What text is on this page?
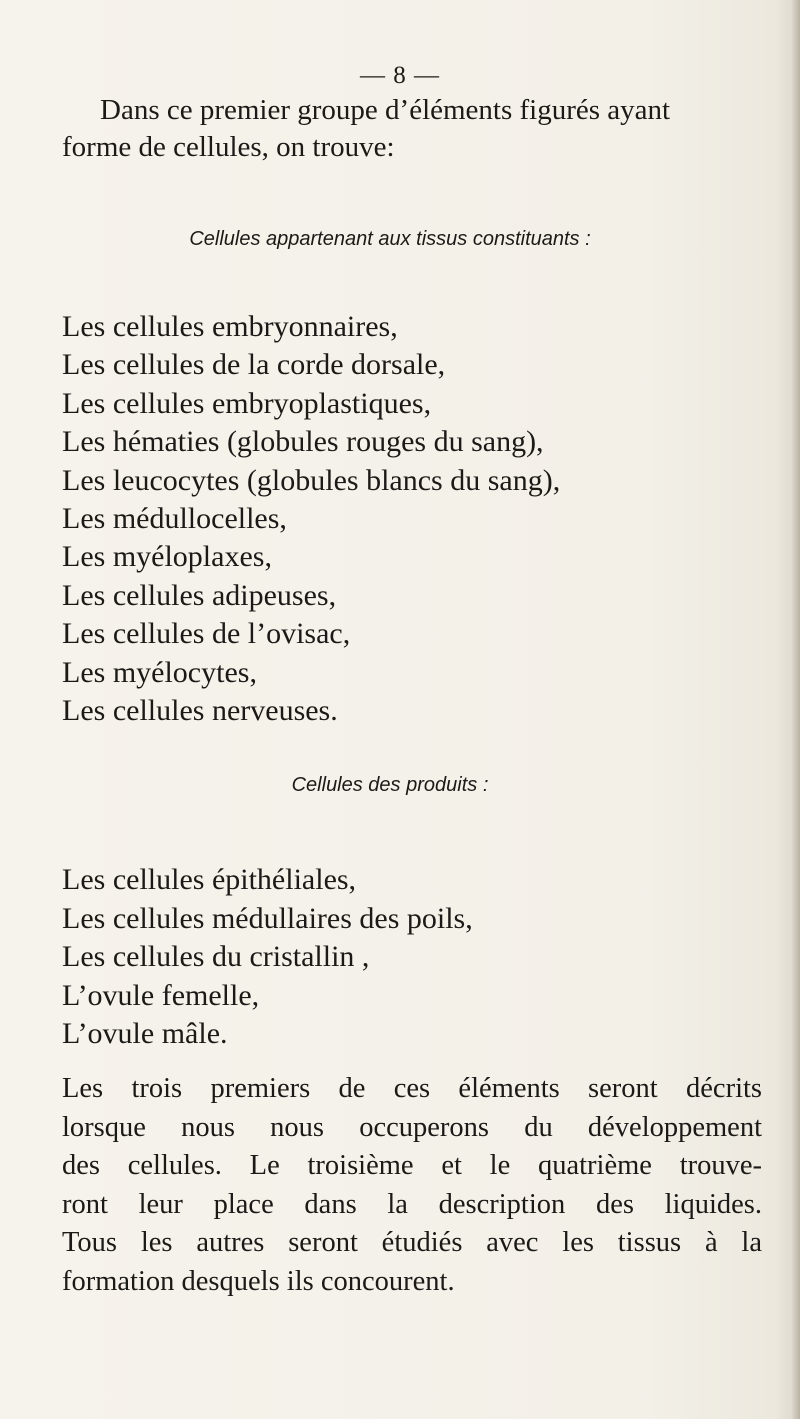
— 8 —
Dans ce premier groupe d’éléments figurés ayant
forme de cellules, on trouve:
Cellules appartenant aux tissus constituants :
Les cellules embryonnaires,
Les cellules de la corde dorsale,
Les cellules embryoplastiques,
Les hématies (globules rouges du sang),
Les leucocytes (globules blancs du sang),
Les médullocelles,
Les myéloplaxes,
Les cellules adipeuses,
Les cellules de l’ovisac,
Les myélocytes,
Les cellules nerveuses.
Cellules des produits :
Les cellules épithéliales,
Les cellules médullaires des poils,
Les cellules du cristallin ,
L’ovule femelle,
L’ovule mâle.
Les trois premiers de ces éléments seront décrits
lorsque nous nous occuperons du développement
des cellules. Le troisième et le quatrième trouve-
ront leur place dans la description des liquides.
Tous les autres seront étudiés avec les tissus à la
formation desquels ils concourent.
